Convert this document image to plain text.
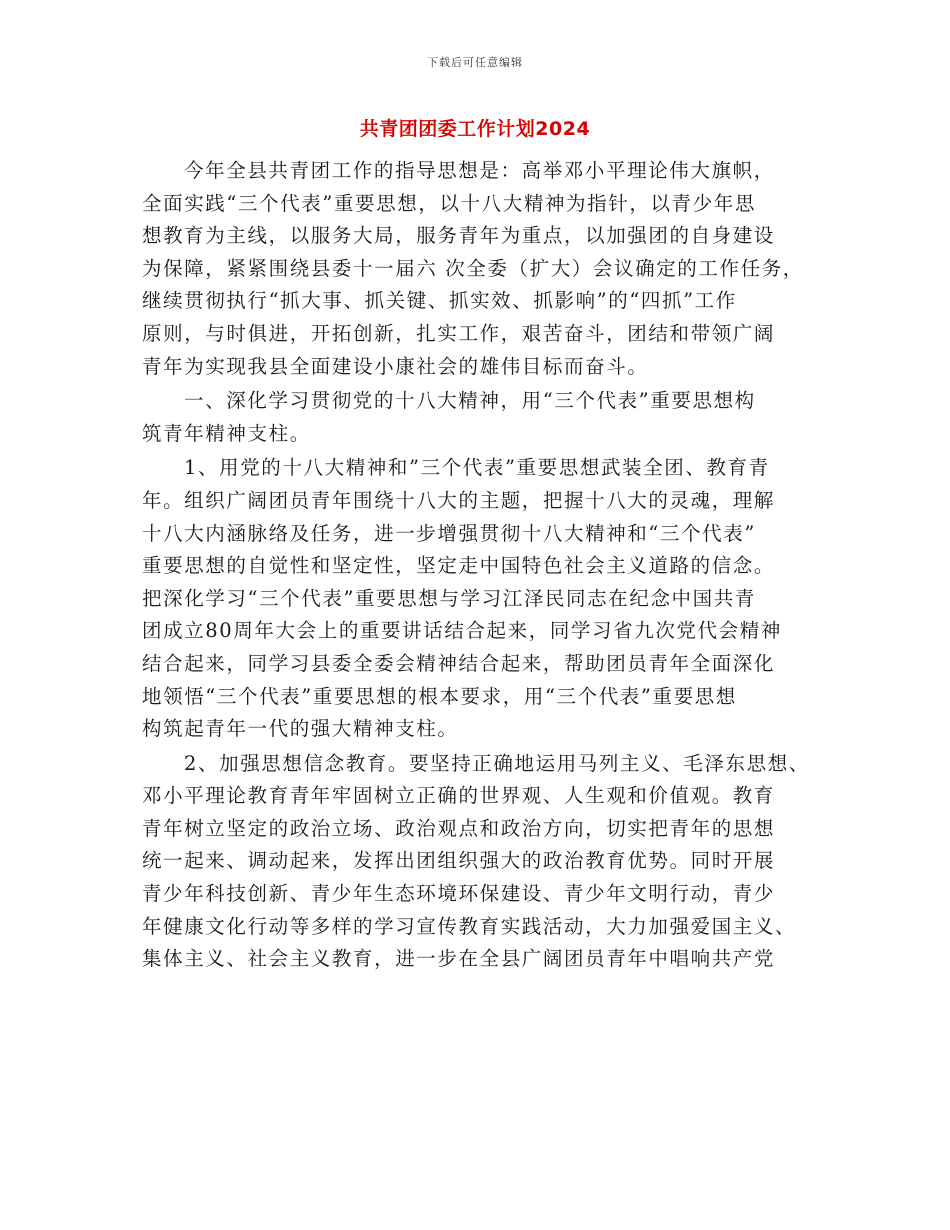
下载后可任意编辑
共青团团委工作计划2024

今年全县共青团工作的指导思想是：高举邓小平理论伟大旗帜，
全面实践“三个代表”重要思想，以十八大精神为指针，以青少年思
想教育为主线，以服务大局，服务青年为重点，以加强团的自身建设
为保障，紧紧围绕县委十一届六 次全委（扩大）会议确定的工作任务，
继续贯彻执行“抓大事、抓关键、抓实效、抓影响”的“四抓”工作
原则，与时俱进，开拓创新，扎实工作，艰苦奋斗，团结和带领广阔
青年为实现我县全面建设小康社会的雄伟目标而奋斗。

一、深化学习贯彻党的十八大精神，用“三个代表”重要思想构
筑青年精神支柱。

1、用党的十八大精神和”三个代表”重要思想武装全团、教育青
年。组织广阔团员青年围绕十八大的主题，把握十八大的灵魂，理解
十八大内涵脉络及任务，进一步增强贯彻十八大精神和“三个代表”
重要思想的自觉性和坚定性，坚定走中国特色社会主义道路的信念。
把深化学习“三个代表”重要思想与学习江泽民同志在纪念中国共青
团成立80周年大会上的重要讲话结合起来，同学习省九次党代会精神
结合起来，同学习县委全委会精神结合起来，帮助团员青年全面深化
地领悟“三个代表”重要思想的根本要求，用“三个代表”重要思想
构筑起青年一代的强大精神支柱。

2、加强思想信念教育。要坚持正确地运用马列主义、毛泽东思想、
邓小平理论教育青年牢固树立正确的世界观、人生观和价值观。教育
青年树立坚定的政治立场、政治观点和政治方向，切实把青年的思想
统一起来、调动起来，发挥出团组织强大的政治教育优势。同时开展
青少年科技创新、青少年生态环境环保建设、青少年文明行动，青少
年健康文化行动等多样的学习宣传教育实践活动，大力加强爱国主义、
集体主义、社会主义教育，进一步在全县广阔团员青年中唱响共产党
